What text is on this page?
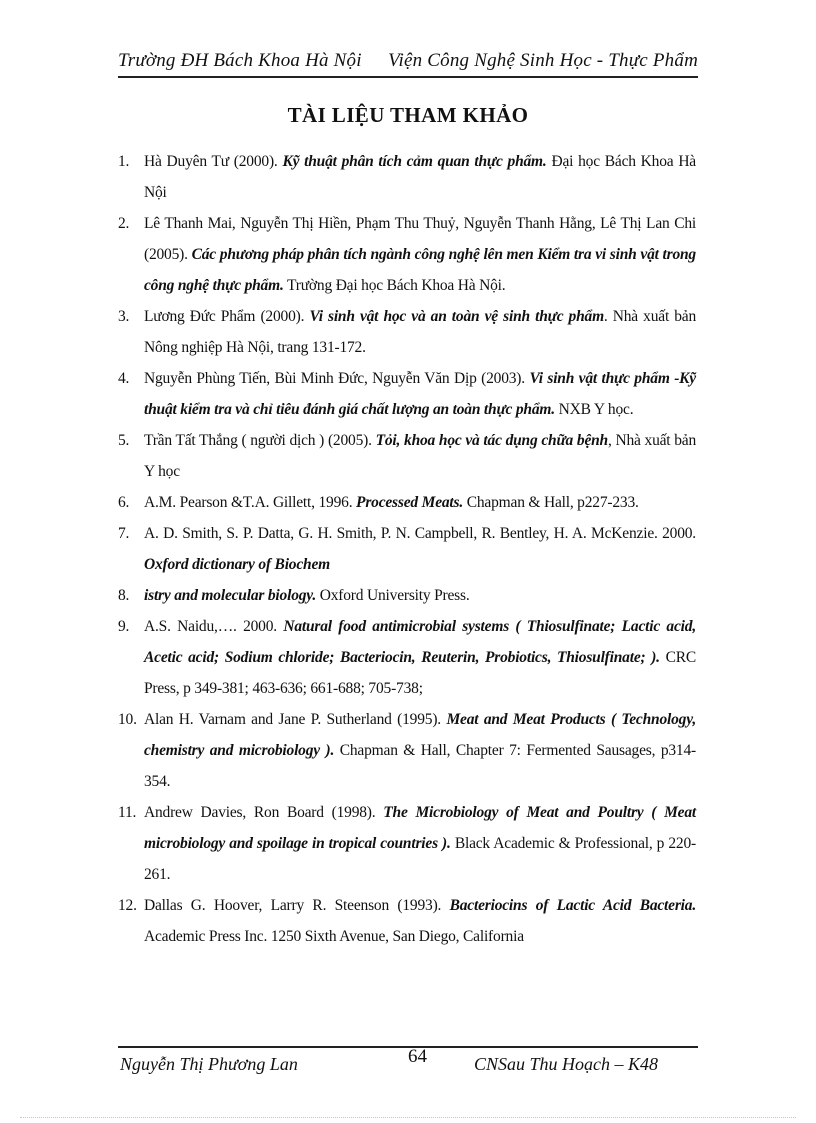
Trường ĐH Bách Khoa Hà Nội Viện Công Nghệ Sinh Học - Thực Phẩm
TÀI LIỆU THAM KHẢO
1. Hà Duyên Tư (2000). Kỹ thuật phân tích cảm quan thực phẩm. Đại học Bách Khoa Hà Nội
2. Lê Thanh Mai, Nguyễn Thị Hiền, Phạm Thu Thuỷ, Nguyễn Thanh Hằng, Lê Thị Lan Chi (2005). Các phương pháp phân tích ngành công nghệ lên men Kiểm tra vi sinh vật trong công nghệ thực phẩm. Trường Đại học Bách Khoa Hà Nội.
3. Lương Đức Phẩm (2000). Vi sinh vật học và an toàn vệ sinh thực phẩm. Nhà xuất bản Nông nghiệp Hà Nội, trang 131-172.
4. Nguyễn Phùng Tiến, Bùi Minh Đức, Nguyễn Văn Dịp (2003). Vi sinh vật thực phẩm -Kỹ thuật kiểm tra và chỉ tiêu đánh giá chất lượng an toàn thực phẩm. NXB Y học.
5. Trần Tất Thắng ( người dịch ) (2005). Tỏi, khoa học và tác dụng chữa bệnh, Nhà xuất bản Y học
6. A.M. Pearson &T.A. Gillett, 1996. Processed Meats. Chapman & Hall, p227-233.
7. A. D. Smith, S. P. Datta, G. H. Smith, P. N. Campbell, R. Bentley, H. A. McKenzie. 2000. Oxford dictionary of Biochem
8. istry and molecular biology. Oxford University Press.
9. A.S. Naidu,…. 2000. Natural food antimicrobial systems ( Thiosulfinate; Lactic acid, Acetic acid; Sodium chloride; Bacteriocin, Reuterin, Probiotics, Thiosulfinate; ). CRC Press, p 349-381; 463-636; 661-688; 705-738;
10. Alan H. Varnam and Jane P. Sutherland (1995). Meat and Meat Products ( Technology, chemistry and microbiology ). Chapman & Hall, Chapter 7: Fermented Sausages, p314-354.
11. Andrew Davies, Ron Board (1998). The Microbiology of Meat and Poultry ( Meat microbiology and spoilage in tropical countries ). Black Academic & Professional, p 220-261.
12. Dallas G. Hoover, Larry R. Steenson (1993). Bacteriocins of Lactic Acid Bacteria. Academic Press Inc. 1250 Sixth Avenue, San Diego, California
Nguyễn Thị Phương Lan	64	CNSau Thu Hoạch – K48
